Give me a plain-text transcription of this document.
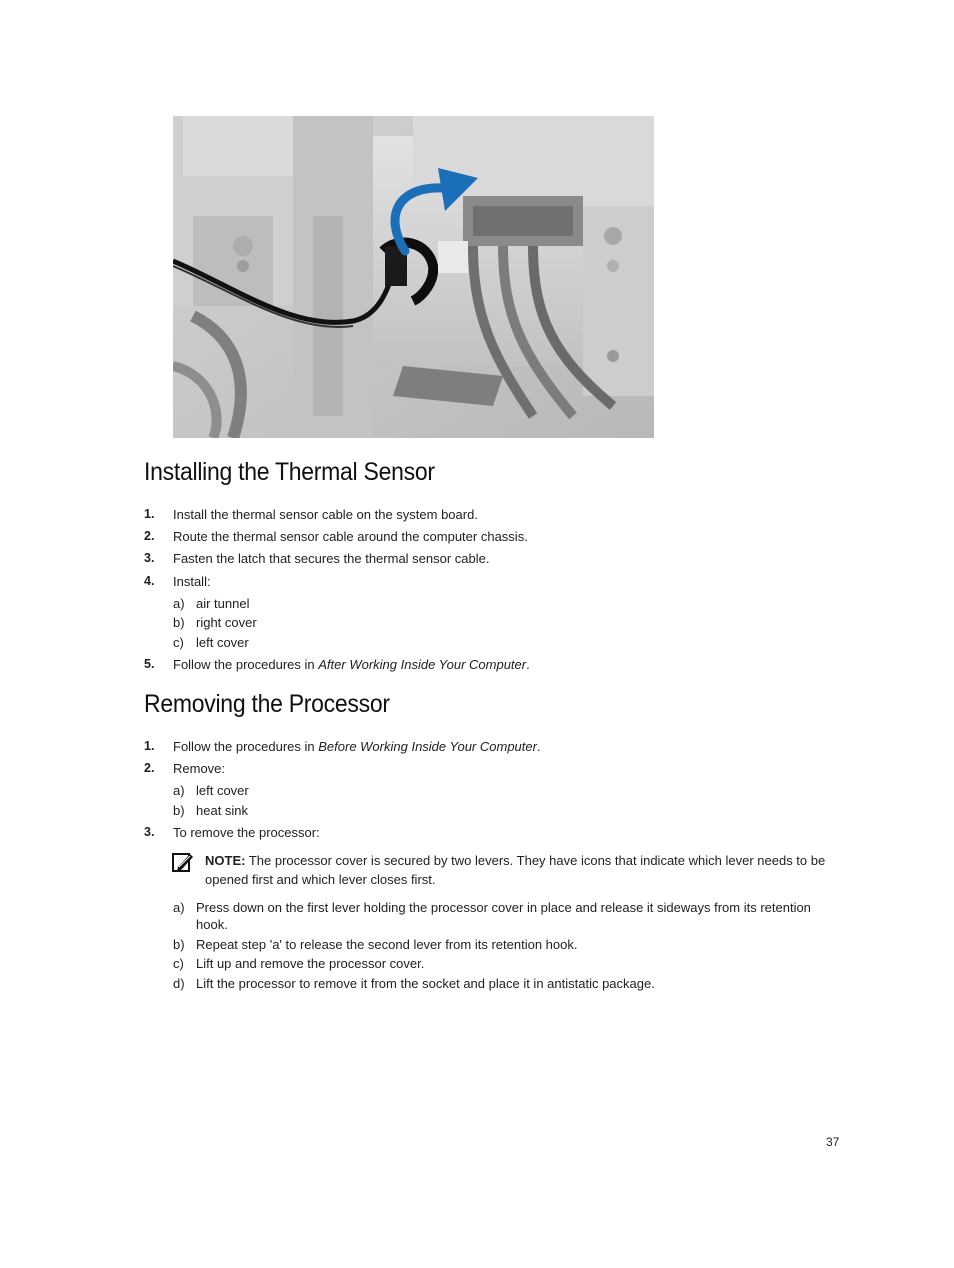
Installing the Thermal Sensor
1. Install the thermal sensor cable on the system board.
2. Route the thermal sensor cable around the computer chassis.
3. Fasten the latch that secures the thermal sensor cable.
4. Install:
a) air tunnel
b) right cover
c) left cover
5. Follow the procedures in After Working Inside Your Computer.
Removing the Processor
1. Follow the procedures in Before Working Inside Your Computer.
2. Remove:
a) left cover
b) heat sink
3. To remove the processor:
NOTE: The processor cover is secured by two levers. They have icons that indicate which lever needs to be opened first and which lever closes first.
a) Press down on the first lever holding the processor cover in place and release it sideways from its retention hook.
b) Repeat step 'a' to release the second lever from its retention hook.
c) Lift up and remove the processor cover.
d) Lift the processor to remove it from the socket and place it in antistatic package.
37
